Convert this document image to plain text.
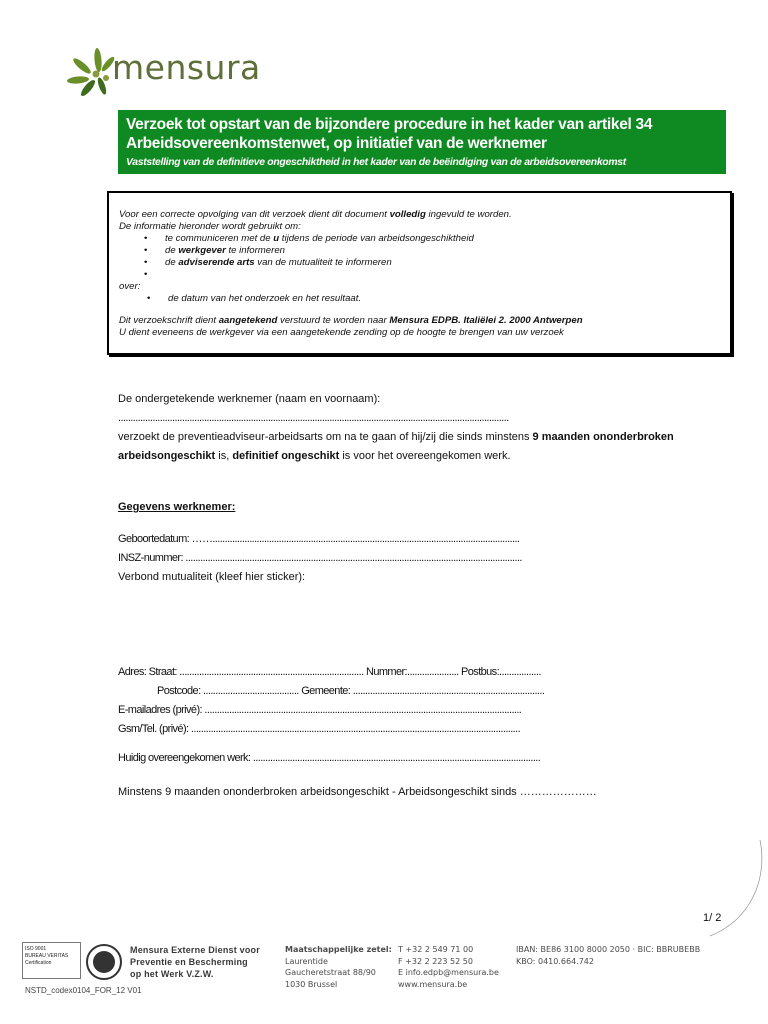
mensura
Verzoek tot opstart van de bijzondere procedure in het kader van artikel 34
Arbeidsovereenkomstenwet, op initiatief van de werknemer
Vaststelling van de definitieve ongeschiktheid in het kader van de beëindiging van de arbeidsovereenkomst
Voor een correcte opvolging van dit verzoek dient dit document volledig ingevuld te worden.
De informatie hieronder wordt gebruikt om:
•	te communiceren met de u tijdens de periode van arbeidsongeschiktheid
•	de werkgever te informeren
•	de adviserende arts van de mutualiteit te informeren
•
over:
•	de datum van het onderzoek en het resultaat.
Dit verzoekschrift dient aangetekend verstuurd te worden naar Mensura EDPB. Italiëlei 2. 2000 Antwerpen
U dient eveneens de werkgever via een aangetekende zending op de hoogte te brengen van uw verzoek
De ondergetekende werknemer (naam en voornaam):
...............................................................................................................................................................
verzoekt de preventieadviseur-arbeidsarts om na te gaan of hij/zij die sinds minstens 9 maanden ononderbroken
arbeidsongeschikt is, definitief ongeschikt is voor het overeengekomen werk.
Gegevens werknemer:
Geboortedatum: …….............................................................................................................................
INSZ-nummer: .........................................................................................................................................
Verbond mutualiteit (kleef hier sticker):
Adres: Straat: ........................................................................... Nummer:..................... Postbus:.................
Postcode: ....................................... Gemeente: ..............................................................................
E-mailadres (privé): .................................................................................................................................
Gsm/Tel. (privé): ......................................................................................................................................
Huidig overeengekomen werk: .....................................................................................................................
Minstens 9 maanden ononderbroken arbeidsongeschikt - Arbeidsongeschikt sinds …………………
1/ 2
ISO 9001
BUREAU VERITAS
Certification
Mensura Externe Dienst voor
Preventie en Bescherming
op het Werk V.Z.W.
Maatschappelijke zetel:
Laurentide
Gaucheretstraat 88/90
1030 Brussel
T +32 2 549 71 00
F +32 2 223 52 50
E info.edpb@mensura.be
www.mensura.be
IBAN: BE86 3100 8000 2050 · BIC: BBRUBEBB
KBO: 0410.664.742
NSTD_codex0104_FOR_12 V01
